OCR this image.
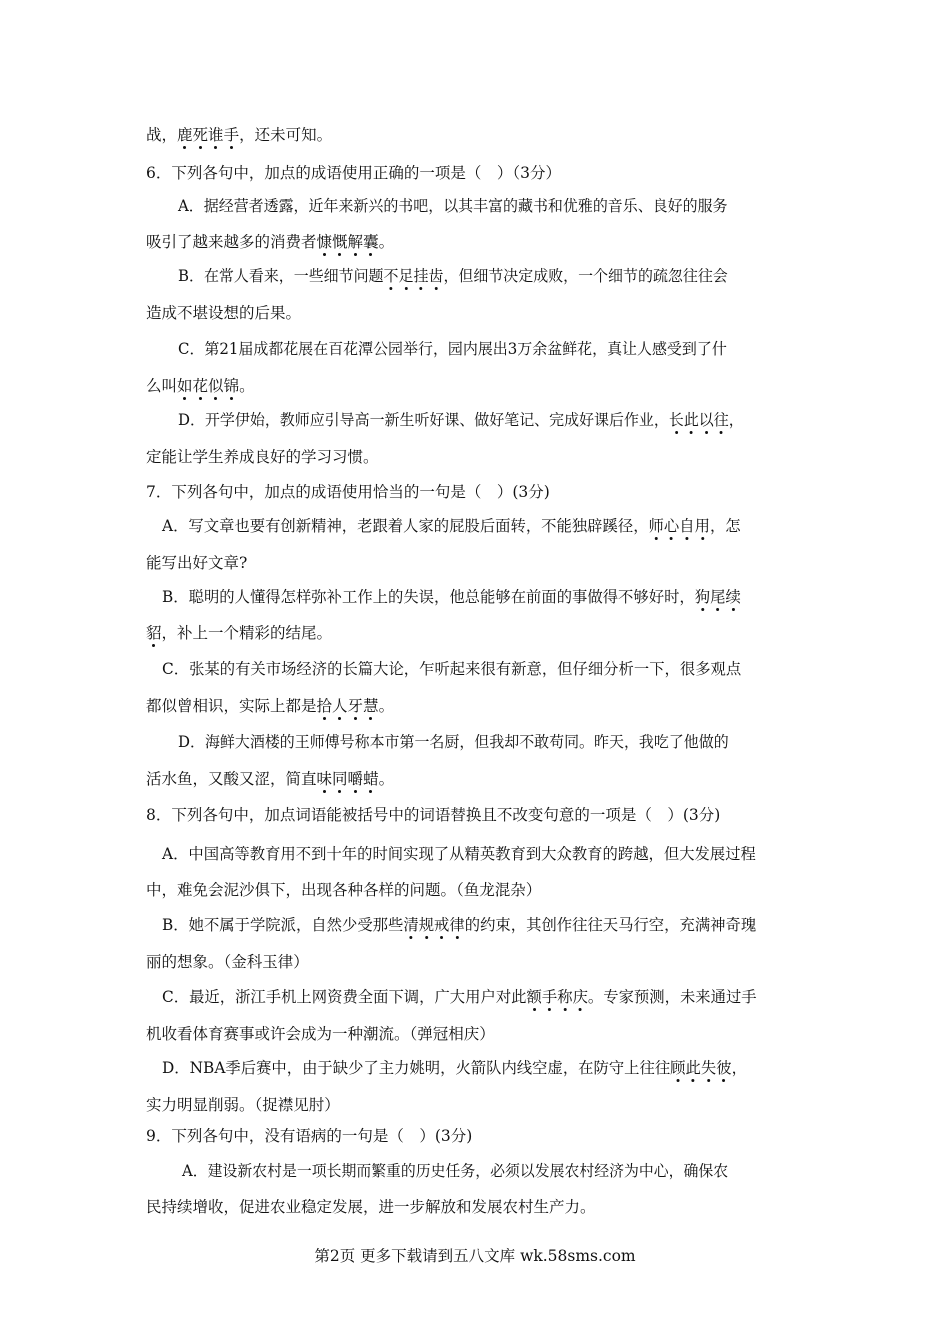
战，鹿死谁手，还未可知。
6．下列各句中，加点的成语使用正确的一项是（　）（3分）
A．据经营者透露，近年来新兴的书吧，以其丰富的藏书和优雅的音乐、良好的服务
吸引了越来越多的消费者慷慨解囊。
B．在常人看来，一些细节问题不足挂齿，但细节决定成败，一个细节的疏忽往往会
造成不堪设想的后果。
C．第21届成都花展在百花潭公园举行，园内展出3万余盆鲜花，真让人感受到了什
么叫如花似锦。
D．开学伊始，教师应引导高一新生听好课、做好笔记、完成好课后作业，长此以往，
定能让学生养成良好的学习习惯。
7．下列各句中，加点的成语使用恰当的一句是（　）(3分)
A．写文章也要有创新精神，老跟着人家的屁股后面转，不能独辟蹊径，师心自用，怎
能写出好文章?
B．聪明的人懂得怎样弥补工作上的失误，他总能够在前面的事做得不够好时，狗尾续
貂，补上一个精彩的结尾。
C．张某的有关市场经济的长篇大论，乍听起来很有新意，但仔细分析一下，很多观点
都似曾相识，实际上都是拾人牙慧。
D．海鲜大酒楼的王师傅号称本市第一名厨，但我却不敢苟同。昨天，我吃了他做的
活水鱼，又酸又涩，简直味同嚼蜡。
8．下列各句中，加点词语能被括号中的词语替换且不改变句意的一项是（　）(3分)
A．中国高等教育用不到十年的时间实现了从精英教育到大众教育的跨越，但大发展过程
中，难免会泥沙俱下，出现各种各样的问题。（鱼龙混杂）
B．她不属于学院派，自然少受那些清规戒律的约束，其创作往往天马行空，充满神奇瑰
丽的想象。（金科玉律）
C．最近，浙江手机上网资费全面下调，广大用户对此额手称庆。专家预测，未来通过手
机收看体育赛事或许会成为一种潮流。（弹冠相庆）
D．NBA季后赛中，由于缺少了主力姚明，火箭队内线空虚，在防守上往往顾此失彼，
实力明显削弱。（捉襟见肘）
9．下列各句中，没有语病的一句是（　）(3分)
A．建设新农村是一项长期而繁重的历史任务，必须以发展农村经济为中心，确保农
民持续增收，促进农业稳定发展，进一步解放和发展农村生产力。
第2页 更多下载请到五八文库 wk.58sms.com
